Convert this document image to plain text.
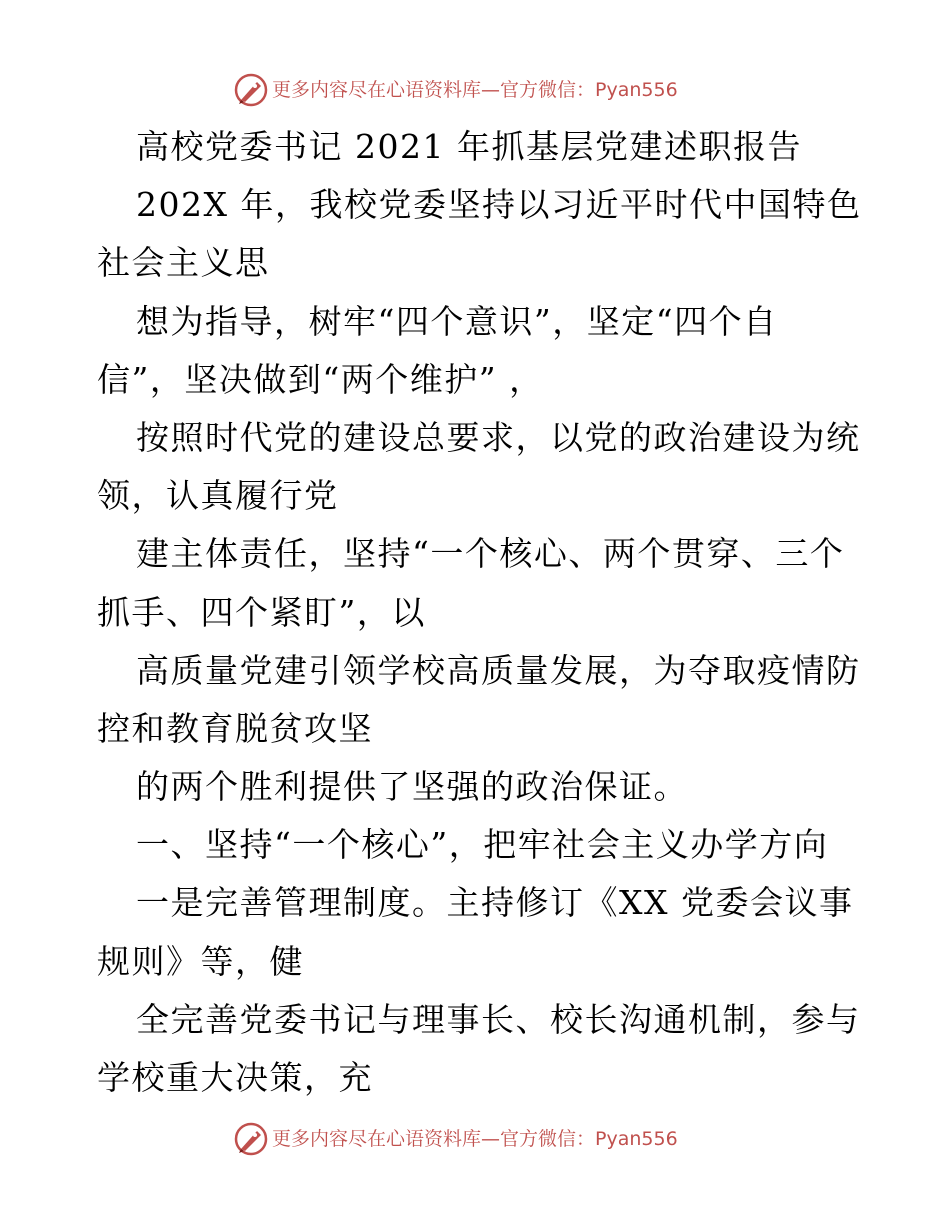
更多内容尽在心语资料库—官方微信：Pyan556
高校党委书记 2021 年抓基层党建述职报告
202X 年，我校党委坚持以习近平时代中国特色
社会主义思
想为指导，树牢“四个意识”，坚定“四个自
信”，坚决做到“两个维护” ，
按照时代党的建设总要求，以党的政治建设为统
领，认真履行党
建主体责任，坚持“一个核心、两个贯穿、三个
抓手、四个紧盯”，以
高质量党建引领学校高质量发展，为夺取疫情防
控和教育脱贫攻坚
的两个胜利提供了坚强的政治保证。
一、坚持“一个核心”，把牢社会主义办学方向
一是完善管理制度。主持修订《XX 党委会议事
规则》等，健
全完善党委书记与理事长、校长沟通机制，参与
学校重大决策，充
更多内容尽在心语资料库—官方微信：Pyan556
